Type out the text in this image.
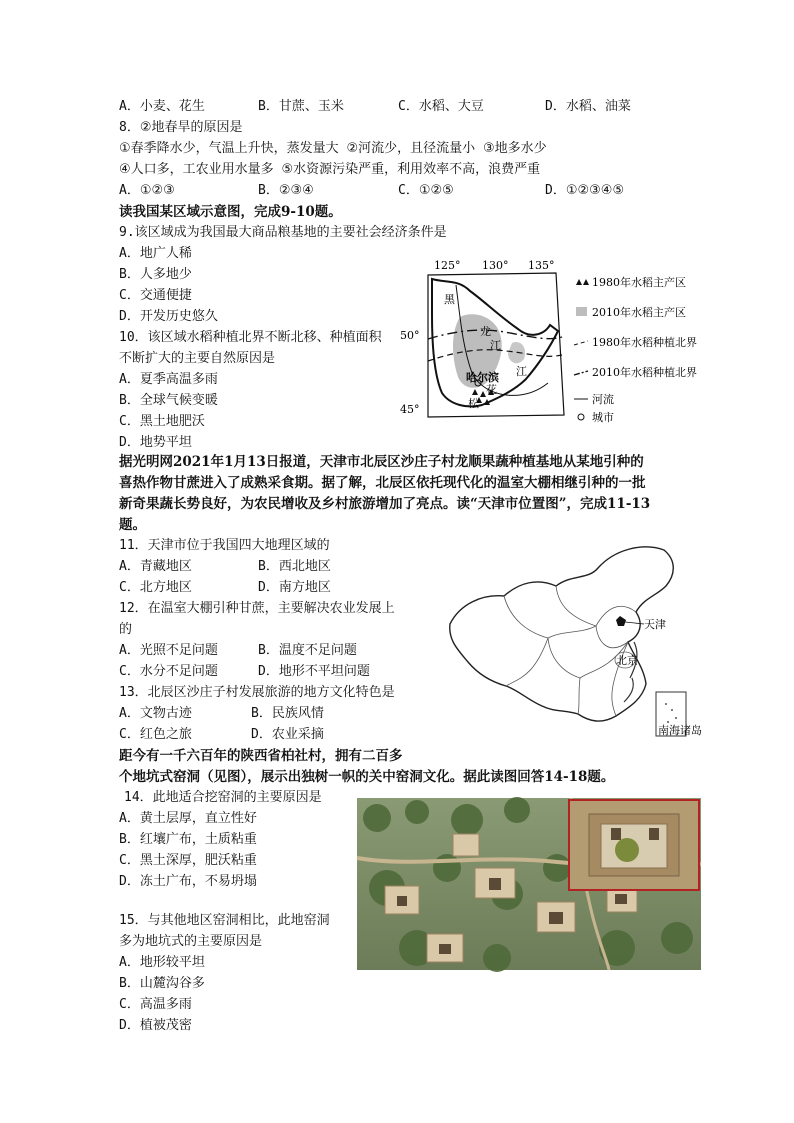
A．小麦、花生	B．甘蔗、玉米	C．水稻、大豆	D．水稻、油菜
8．②地春旱的原因是
①春季降水少，气温上升快，蒸发量大 ②河流少，且径流量小 ③地多水少
④人口多，工农业用水量多 ⑤水资源污染严重，利用效率不高，浪费严重
A．①②③	B．②③④	C．①②⑤	D．①②③④⑤
读我国某区域示意图，完成9-10题。
9.该区域成为我国最大商品粮基地的主要社会经济条件是
A．地广人稀
B．人多地少
C．交通便捷
D．开发历史悠久
10．该区域水稻种植北界不断北移、种植面积
不断扩大的主要自然原因是
A．夏季高温多雨
B．全球气候变暖
C．黑土地肥沃
D．地势平坦
125° 130° 135°
50°
45°
黑
龙
江
江
哈尔滨
花
松
1980年水稻主产区
2010年水稻主产区
1980年水稻种植北界
2010年水稻种植北界
河流
城市
据光明网2021年1月13日报道，天津市北辰区沙庄子村龙顺果蔬种植基地从某地引种的
喜热作物甘蔗进入了成熟采食期。据了解，北辰区依托现代化的温室大棚相继引种的一批
新奇果蔬长势良好，为农民增收及乡村旅游增加了亮点。读“天津市位置图”，完成11-13
题。
11．天津市位于我国四大地理区域的
A．青藏地区	B．西北地区
C．北方地区	D．南方地区
12．在温室大棚引种甘蔗，主要解决农业发展上
的
A．光照不足问题	B．温度不足问题
C．水分不足问题	D．地形不平坦问题
13．北辰区沙庄子村发展旅游的地方文化特色是
A．文物古迹	B．民族风情
C．红色之旅	D．农业采摘
天津
北京
南海诸岛
距今有一千六百年的陕西省柏社村，拥有二百多
个地坑式窑洞（见图），展示出独树一帜的关中窑洞文化。据此读图回答14-18题。
14．此地适合挖窑洞的主要原因是
A．黄土层厚，直立性好
B．红壤广布，土质粘重
C．黑土深厚，肥沃粘重
D．冻土广布，不易坍塌
15．与其他地区窑洞相比，此地窑洞
多为地坑式的主要原因是
A．地形较平坦
B．山麓沟谷多
C．高温多雨
D．植被茂密
